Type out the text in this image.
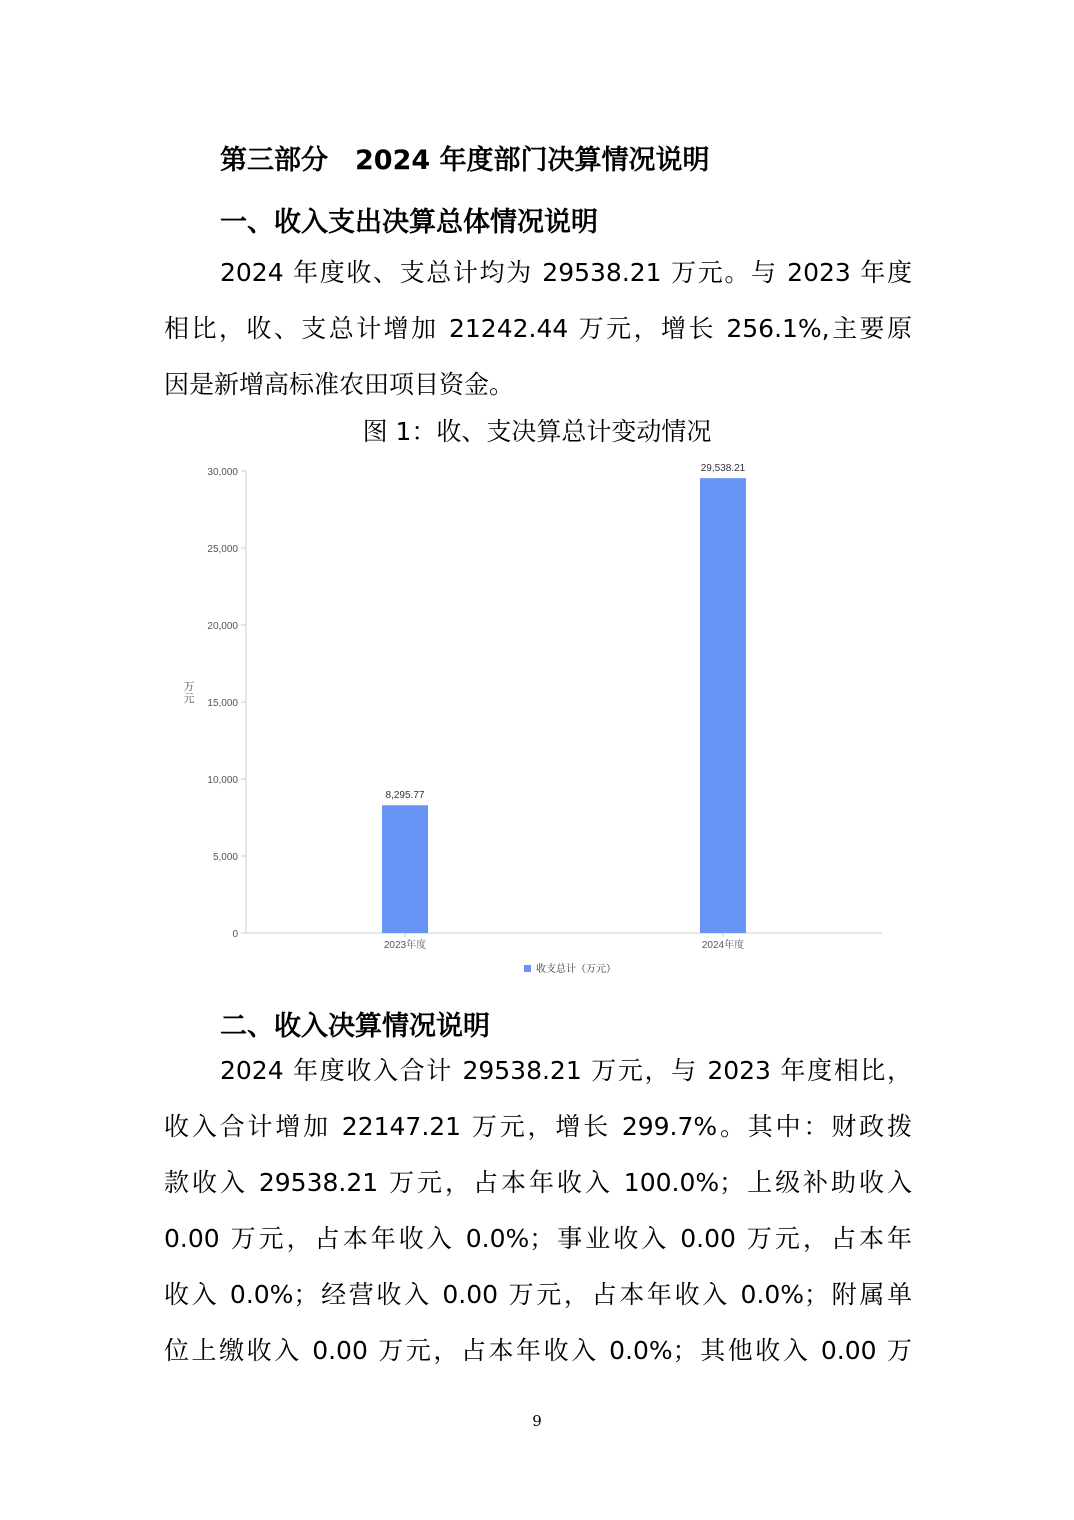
第三部分　2024 年度部门决算情况说明
一、收入支出决算总体情况说明
2024 年度收、支总计均为 29538.21 万元。与 2023 年度
相比，收、支总计增加 21242.44 万元，增长 256.1%,主要原
因是新增高标准农田项目资金。
图 1：收、支决算总计变动情况
0
5,000
10,000
15,000
20,000
25,000
30,000
万
元
8,295.77
2023年度
29,538.21
2024年度
收支总计（万元）
二、收入决算情况说明
2024 年度收入合计 29538.21 万元，与 2023 年度相比，
收入合计增加 22147.21 万元，增长 299.7%。其中：财政拨
款收入 29538.21 万元，占本年收入 100.0%；上级补助收入
0.00 万元，占本年收入 0.0%；事业收入 0.00 万元，占本年
收入 0.0%；经营收入 0.00 万元，占本年收入 0.0%；附属单
位上缴收入 0.00 万元，占本年收入 0.0%；其他收入 0.00 万
9
